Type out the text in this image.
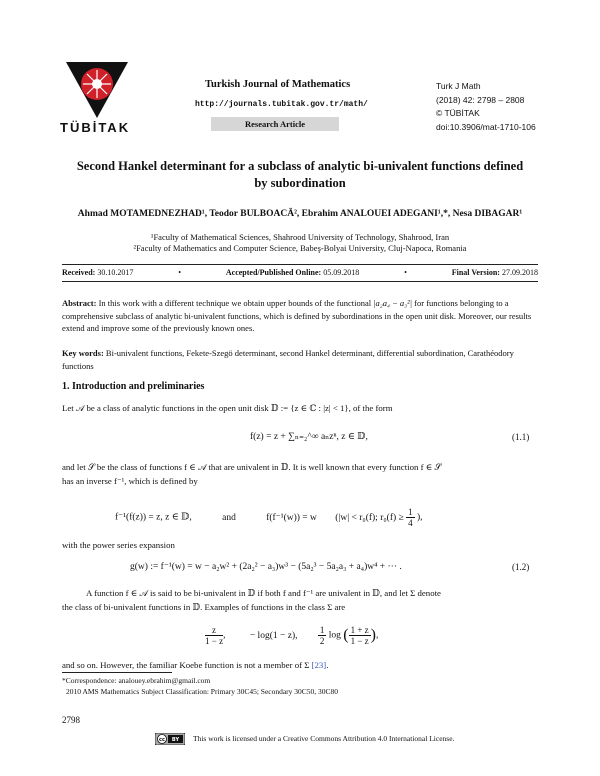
TÜBİTAK
Turkish Journal of Mathematics
http://journals.tubitak.gov.tr/math/
Research Article
Turk J Math
(2018) 42: 2798 – 2808
© TÜBİTAK
doi:10.3906/mat-1710-106
Second Hankel determinant for a subclass of analytic bi-univalent functions defined by subordination
Ahmad MOTAMEDNEZHAD¹, Teodor BULBOACĂ², Ebrahim ANALOUEI ADEGANI¹,*, Nesa DIBAGAR¹
¹Faculty of Mathematical Sciences, Shahrood University of Technology, Shahrood, Iran
²Faculty of Mathematics and Computer Science, Babeş-Bolyai University, Cluj-Napoca, Romania
Received: 30.10.2017	•	Accepted/Published Online: 05.09.2018	•	Final Version: 27.09.2018
Abstract: In this work with a different technique we obtain upper bounds of the functional |a₂a₄ − a₃²| for functions belonging to a comprehensive subclass of analytic bi-univalent functions, which is defined by subordinations in the open unit disk. Moreover, our results extend and improve some of the previously known ones.
Key words: Bi-univalent functions, Fekete-Szegö determinant, second Hankel determinant, differential subordination, Carathéodory functions
1. Introduction and preliminaries
Let 𝒜 be a class of analytic functions in the open unit disk 𝔻 := {z ∈ ℂ : |z| < 1}, of the form
f(z) = z + ∑ₙ₌₂^∞ aₙzⁿ, z ∈ 𝔻,	(1.1)
and let 𝒮 be the class of functions f ∈ 𝒜 that are univalent in 𝔻. It is well known that every function f ∈ 𝒮
has an inverse f⁻¹, which is defined by
f⁻¹(f(z)) = z, z ∈ 𝔻,	and	f(f⁻¹(w)) = w (|w| < r₀(f); $r_0(f) \ge \frac{1}{4}$ ),
with the power series expansion
g(w) := f⁻¹(w) = w − a₂w² + (2a₂² − a₃)w³ − (5a₂³ − 5a₂a₃ + a₄)w⁴ + ··· .	(1.2)
A function f ∈ 𝒜 is said to be bi-univalent in 𝔻 if both f and f⁻¹ are univalent in 𝔻, and let Σ denote
the class of bi-univalent functions in 𝔻. Examples of functions in the class Σ are
$\frac{z}{1 - z}$ , − log(1 − z), $\frac{1}{2}$ log ( $\frac{1 + z}{1 - z}$ ),
and so on. However, the familiar Koebe function is not a member of Σ [23].
*Correspondence: analouey.ebrahim@gmail.com
2010 AMS Mathematics Subject Classification: Primary 30C45; Secondary 30C50, 30C80
2798
cc BY This work is licensed under a Creative Commons Attribution 4.0 International License.
